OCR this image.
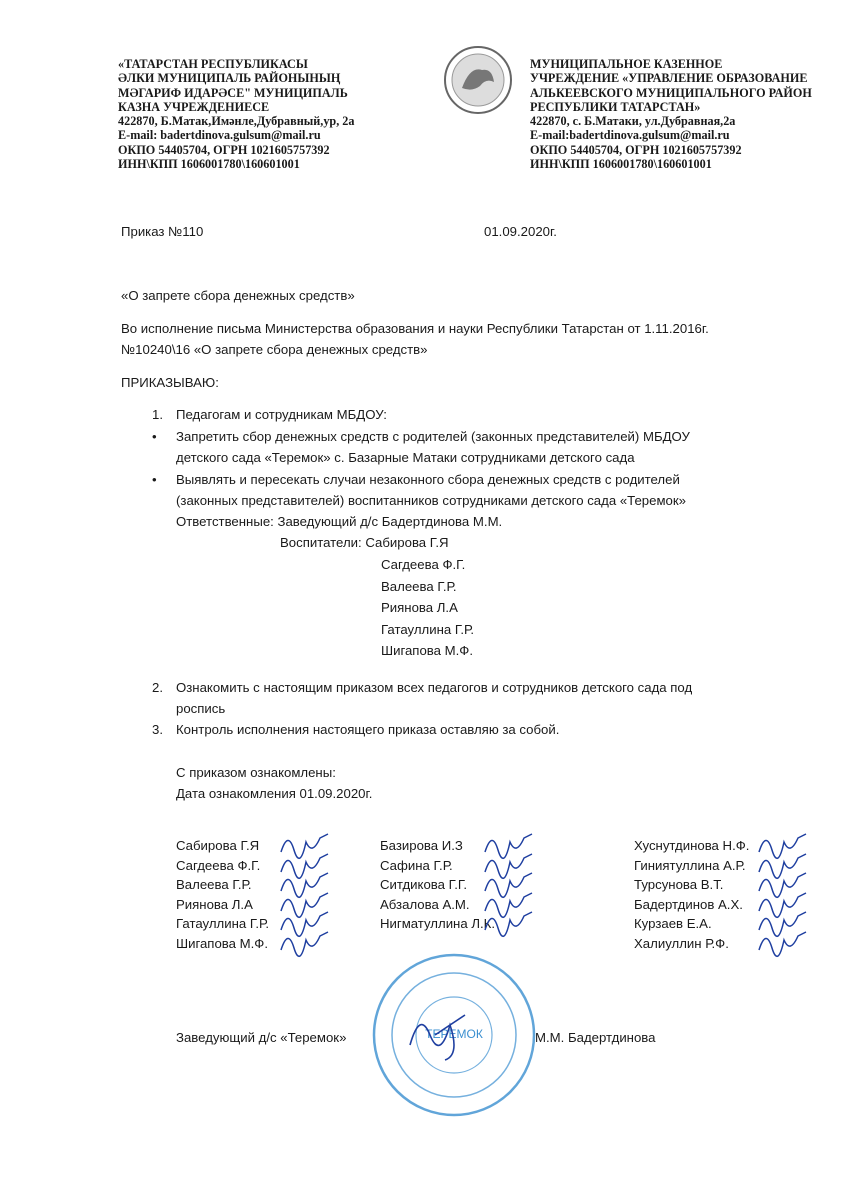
«ТАТАРСТАН РЕСПУБЛИКАСЫ
ӘЛКИ МУНИЦИПАЛЬ РАЙОНЫНЫҢ
МӘГАРИФ ИДАРӘСЕ" МУНИЦИПАЛЬ
КАЗНА УЧРЕЖДЕНИЕСЕ
422870, Б.Матак,Имәнле,Дубравный,ур, 2а
E-mail: badertdinova.gulsum@mail.ru
ОКПО 54405704, ОГРН 1021605757392
ИНН\КПП 1606001780\160601001
МУНИЦИПАЛЬНОЕ КАЗЕННОЕ
УЧРЕЖДЕНИЕ «УПРАВЛЕНИЕ ОБРАЗОВАНИЕ
АЛЬКЕЕВСКОГО МУНИЦИПАЛЬНОГО РАЙОН
РЕСПУБЛИКИ ТАТАРСТАН»
422870, с. Б.Матаки, ул.Дубравная,2а
E-mail:badertdinova.gulsum@mail.ru
ОКПО 54405704, ОГРН 1021605757392
ИНН\КПП 1606001780\160601001
Приказ №110	01.09.2020г.
«О запрете сбора денежных средств»
Во исполнение письма Министерства образования и науки Республики Татарстан от 1.11.2016г.
№10240\16 «О запрете сбора денежных средств»
ПРИКАЗЫВАЮ:
1. Педагогам и сотрудникам МБДОУ:
• Запретить сбор денежных средств с родителей (законных представителей) МБДОУ
детского сада «Теремок» с. Базарные Матаки сотрудниками детского сада
• Выявлять и пересекать случаи незаконного сбора денежных средств с родителей
(законных представителей) воспитанников сотрудниками детского сада «Теремок»
Ответственные: Заведующий д/с Бадертдинова М.М.
Воспитатели: Сабирова Г.Я
2. Ознакомить с настоящим приказом всех педагогов и сотрудников детского сада под
роспись
3. Контроль исполнения настоящего приказа оставляю за собой.
С приказом ознакомлены:
Дата ознакомления 01.09.2020г.
ТЕРЕМОК
Заведующий д/с «Теремок»	М.М. Бадертдинова
Сагдеева Ф.Г.
Валеева Г.Р.
Риянова Л.А
Гатауллина Г.Р.
Шигапова М.Ф.
Сабирова Г.Я
Сагдеева Ф.Г.
Валеева Г.Р.
Риянова Л.А
Гатауллина Г.Р.
Шигапова М.Ф.
Базирова И.З
Сафина Г.Р.
Ситдикова Г.Г.
Абзалова А.М.
Нигматуллина Л.К.
Хуснутдинова Н.Ф.
Гиниятуллина А.Р.
Турсунова В.Т.
Бадертдинов А.Х.
Курзаев Е.А.
Халиуллин Р.Ф.
